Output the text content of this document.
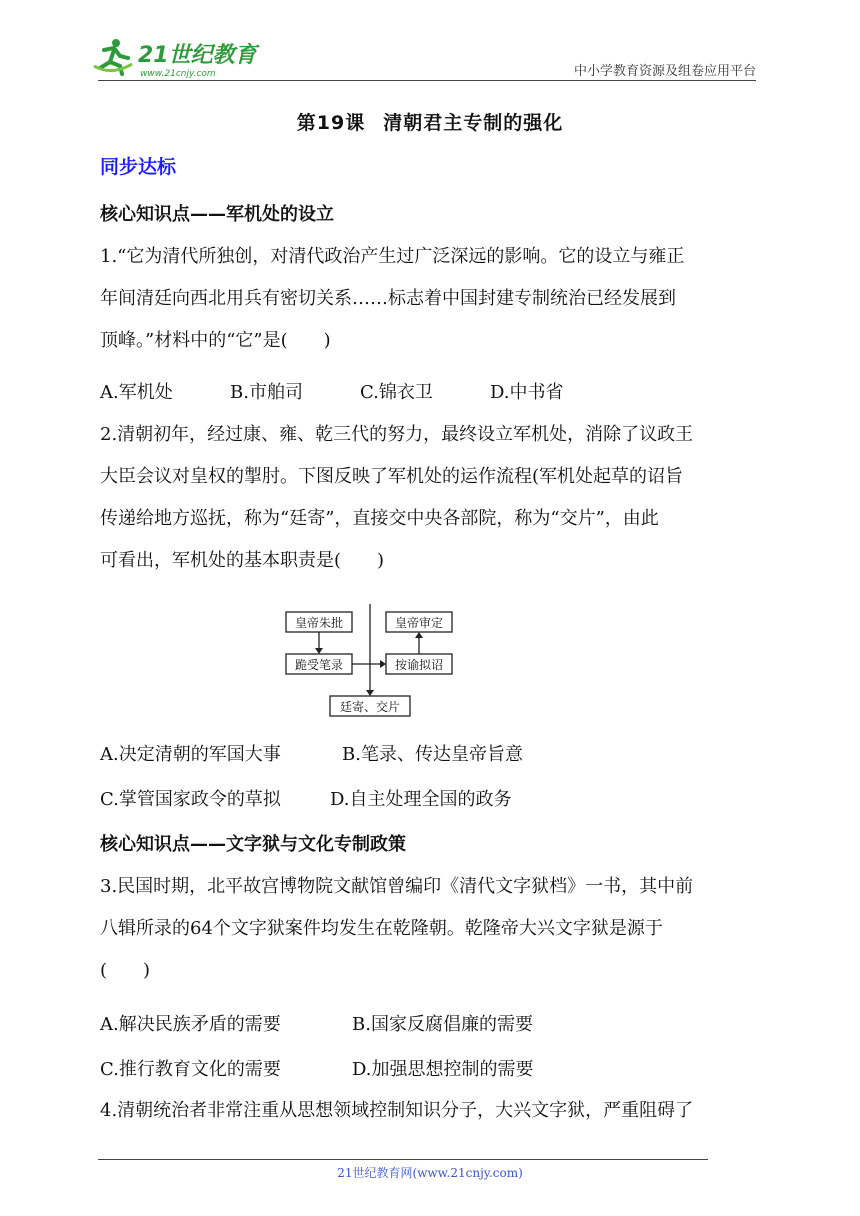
21世纪教育
www.21cnjy.com	中小学教育资源及组卷应用平台
第19课 清朝君主专制的强化
同步达标
核心知识点——军机处的设立
1.“它为清代所独创，对清代政治产生过广泛深远的影响。它的设立与雍正
年间清廷向西北用兵有密切关系……标志着中国封建专制统治已经发展到
顶峰。”材料中的“它”是(　　)
A.军机处	B.市舶司	C.锦衣卫	D.中书省
2.清朝初年，经过康、雍、乾三代的努力，最终设立军机处，消除了议政王
大臣会议对皇权的掣肘。下图反映了军机处的运作流程(军机处起草的诏旨
传递给地方巡抚，称为“廷寄”，直接交中央各部院，称为“交片”，由此
可看出，军机处的基本职责是(　　)
皇帝朱批
跪受笔录
皇帝审定
按谕拟诏
廷寄、交片
A.决定清朝的军国大事	B.笔录、传达皇帝旨意
C.掌管国家政令的草拟	D.自主处理全国的政务
核心知识点——文字狱与文化专制政策
3.民国时期，北平故宫博物院文献馆曾编印《清代文字狱档》一书，其中前
八辑所录的64个文字狱案件均发生在乾隆朝。乾隆帝大兴文字狱是源于
(　　)
A.解决民族矛盾的需要	B.国家反腐倡廉的需要
C.推行教育文化的需要	D.加强思想控制的需要
4.清朝统治者非常注重从思想领域控制知识分子，大兴文字狱，严重阻碍了
21世纪教育网(www.21cnjy.com)
